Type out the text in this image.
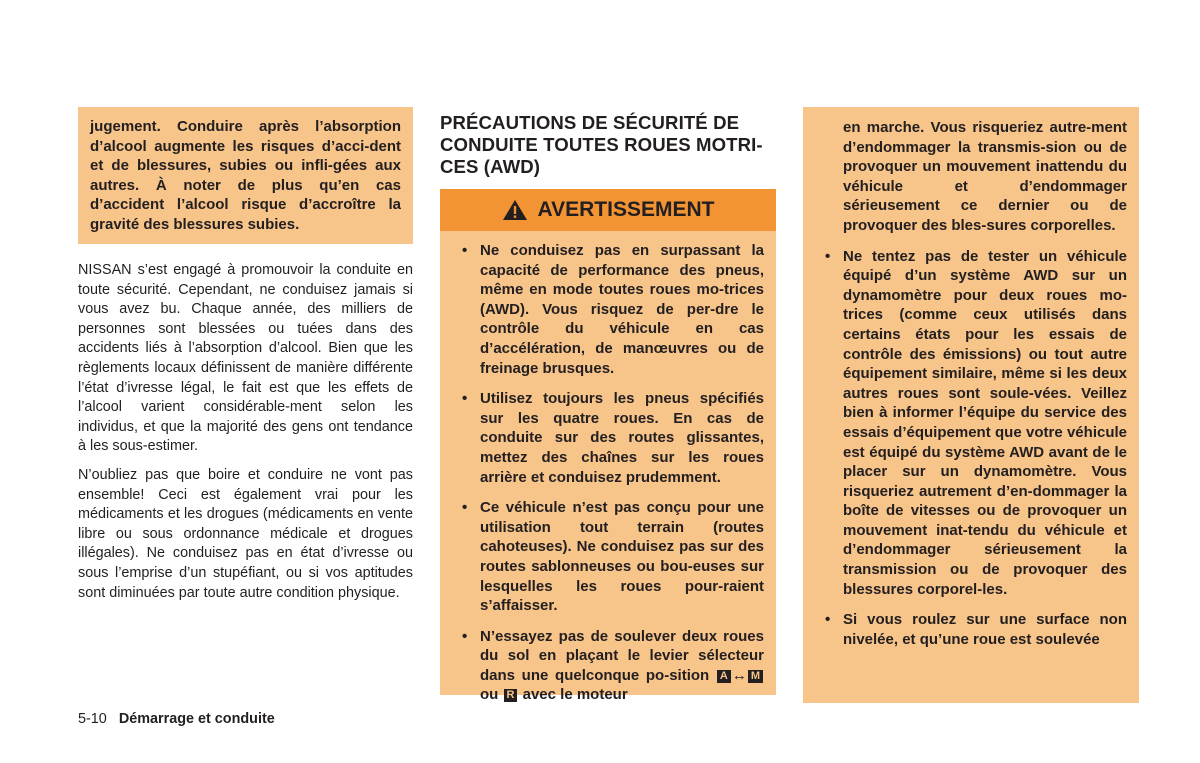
jugement. Conduire après l’absorption d’alcool augmente les risques d’acci-dent et de blessures, subies ou infli-gées aux autres. À noter de plus qu’en cas d’accident l’alcool risque d’accroître la gravité des blessures subies.

NISSAN s’est engagé à promouvoir la conduite en toute sécurité. Cependant, ne conduisez jamais si vous avez bu. Chaque année, des milliers de personnes sont blessées ou tuées dans des accidents liés à l’absorption d’alcool. Bien que les règlements locaux définissent de manière différente l’état d’ivresse légal, le fait est que les effets de l’alcool varient considérable-ment selon les individus, et que la majorité des gens ont tendance à les sous-estimer.

N’oubliez pas que boire et conduire ne vont pas ensemble! Ceci est également vrai pour les médicaments et les drogues (médicaments en vente libre ou sous ordonnance médicale et drogues illégales). Ne conduisez pas en état d’ivresse ou sous l’emprise d’un stupéfiant, ou si vos aptitudes sont diminuées par toute autre condition physique.

PRÉCAUTIONS DE SÉCURITÉ DE CONDUITE TOUTES ROUES MOTRI-CES (AWD)
AVERTISSEMENT
• Ne conduisez pas en surpassant la capacité de performance des pneus, même en mode toutes roues mo-trices (AWD). Vous risquez de per-dre le contrôle du véhicule en cas d’accélération, de manœuvres ou de freinage brusques.
• Utilisez toujours les pneus spécifiés sur les quatre roues. En cas de conduite sur des routes glissantes, mettez des chaînes sur les roues arrière et conduisez prudemment.
• Ce véhicule n’est pas conçu pour une utilisation tout terrain (routes cahoteuses). Ne conduisez pas sur des routes sablonneuses ou bou-euses sur lesquelles les roues pour-raient s’affaisser.
• N’essayez pas de soulever deux roues du sol en plaçant le levier sélecteur dans une quelconque po-sition A ↔ M ou R avec le moteur
en marche. Vous risqueriez autre-ment d’endommager la transmis-sion ou de provoquer un mouvement inattendu du véhicule et d’endommager sérieusement ce dernier ou de provoquer des bles-sures corporelles.
• Ne tentez pas de tester un véhicule équipé d’un système AWD sur un dynamomètre pour deux roues mo-trices (comme ceux utilisés dans certains états pour les essais de contrôle des émissions) ou tout autre équipement similaire, même si les deux autres roues sont soule-vées. Veillez bien à informer l’équipe du service des essais d’équipement que votre véhicule est équipé du système AWD avant de le placer sur un dynamomètre. Vous risqueriez autrement d’en-dommager la boîte de vitesses ou de provoquer un mouvement inat-tendu du véhicule et d’endommager sérieusement la transmission ou de provoquer des blessures corporel-les.
• Si vous roulez sur une surface non nivelée, et qu’une roue est soulevée
5-10 Démarrage et conduite
